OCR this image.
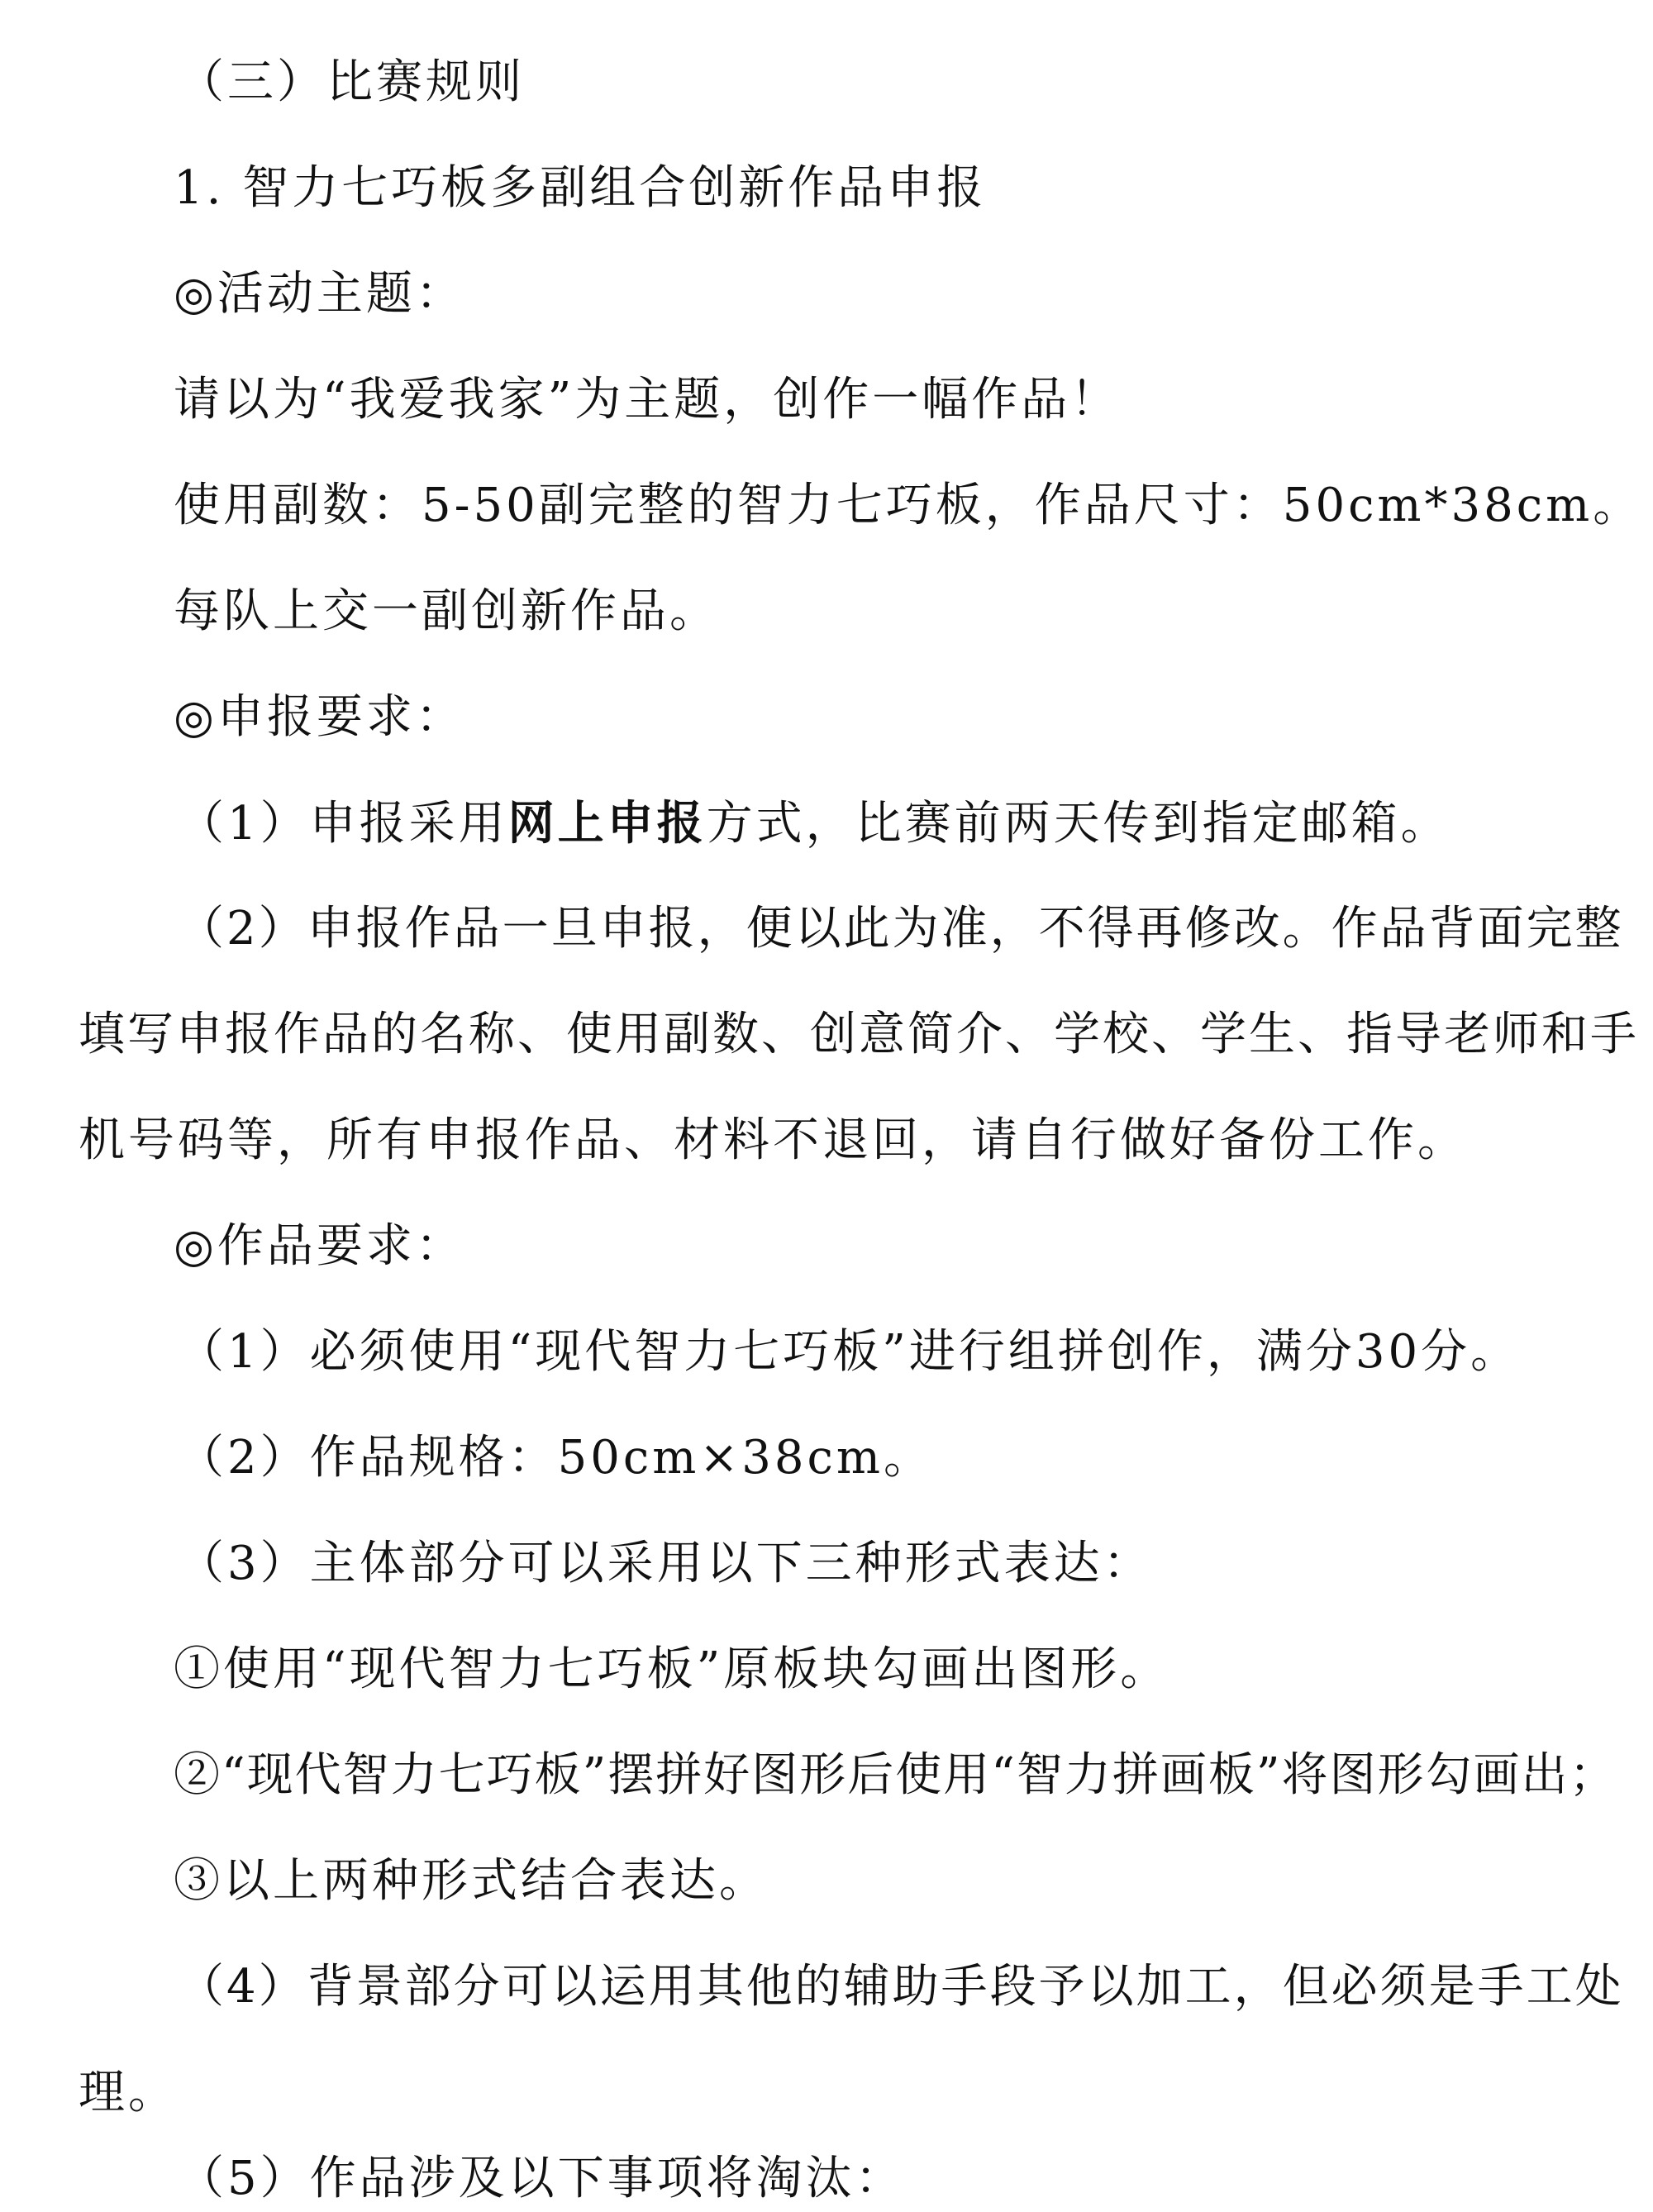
（三）比赛规则
1. 智力七巧板多副组合创新作品申报
◎活动主题：
请以为“我爱我家”为主题，创作一幅作品！
使用副数：5-50副完整的智力七巧板，作品尺寸：50cm*38cm。
每队上交一副创新作品。
◎申报要求：
（1）申报采用网上申报方式，比赛前两天传到指定邮箱。
（2）申报作品一旦申报，便以此为准，不得再修改。作品背面完整
填写申报作品的名称、使用副数、创意简介、学校、学生、指导老师和手
机号码等，所有申报作品、材料不退回，请自行做好备份工作。
◎作品要求：
（1）必须使用“现代智力七巧板”进行组拼创作，满分30分。
（2）作品规格：50cm×38cm。
（3）主体部分可以采用以下三种形式表达：
①使用“现代智力七巧板”原板块勾画出图形。
②“现代智力七巧板”摆拼好图形后使用“智力拼画板”将图形勾画出；
③以上两种形式结合表达。
（4）背景部分可以运用其他的辅助手段予以加工，但必须是手工处
理。
（5）作品涉及以下事项将淘汰：
